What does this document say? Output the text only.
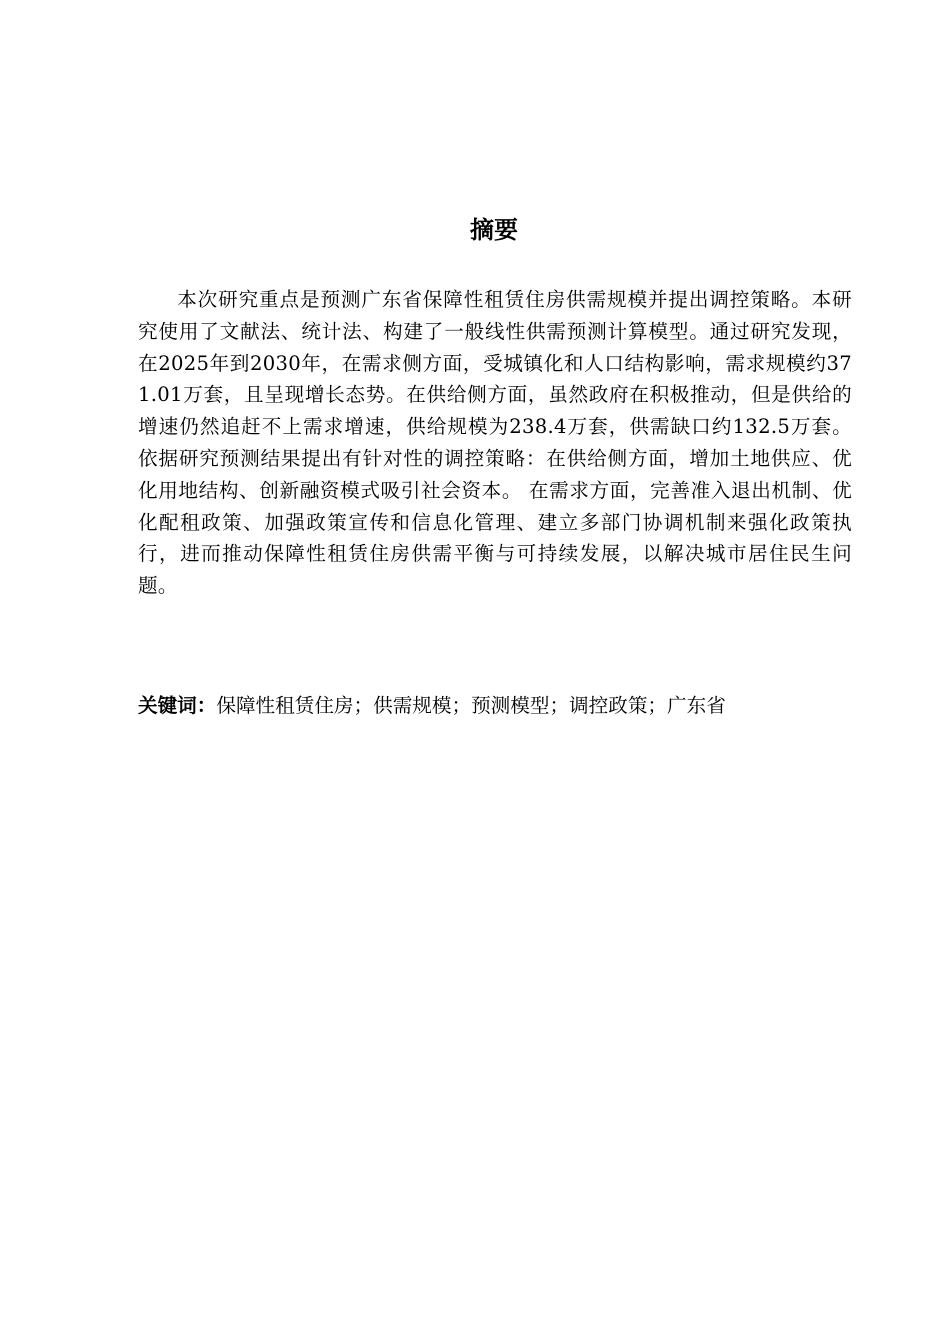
摘要

本次研究重点是预测广东省保障性租赁住房供需规模并提出调控策略。本研究使用了文献法、统计法、构建了一般线性供需预测计算模型。通过研究发现，在2025年到2030年，在需求侧方面，受城镇化和人口结构影响，需求规模约371.01万套，且呈现增长态势。在供给侧方面，虽然政府在积极推动，但是供给的增速仍然追赶不上需求增速，供给规模为238.4万套，供需缺口约132.5万套。 依据研究预测结果提出有针对性的调控策略：在供给侧方面，增加土地供应、优化用地结构、创新融资模式吸引社会资本。 在需求方面，完善准入退出机制、优化配租政策、加强政策宣传和信息化管理、建立多部门协调机制来强化政策执行，进而推动保障性租赁住房供需平衡与可持续发展，以解决城市居住民生问题。

关键词：保障性租赁住房；供需规模；预测模型；调控政策；广东省
